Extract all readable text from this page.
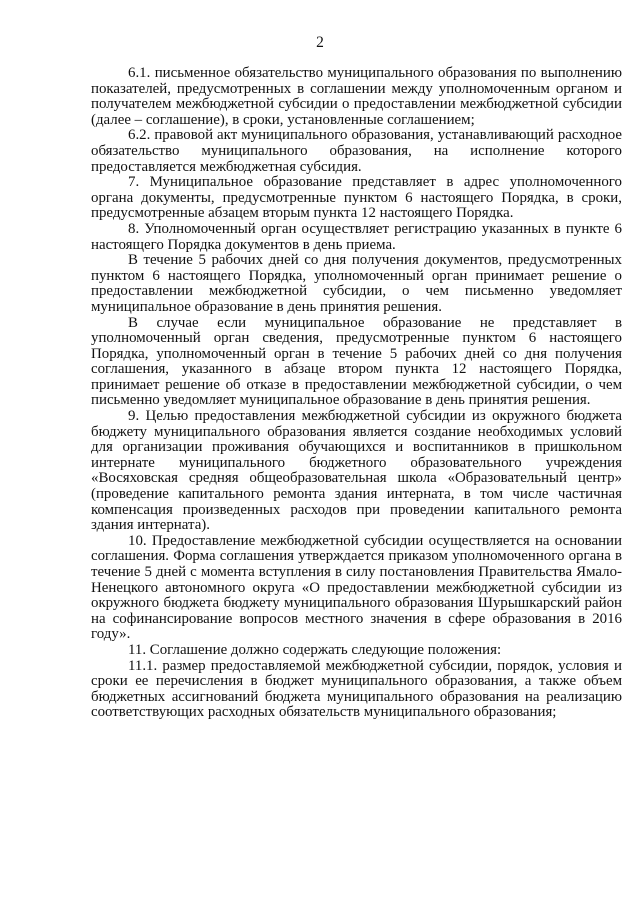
2

6.1. письменное обязательство муниципального образования по выполнению показателей, предусмотренных в соглашении между уполномоченным органом и получателем межбюджетной субсидии о предоставлении межбюджетной субсидии (далее – соглашение), в сроки, установленные соглашением;

6.2. правовой акт муниципального образования, устанавливающий расходное обязательство муниципального образования, на исполнение которого предоставляется межбюджетная субсидия.

7. Муниципальное образование представляет в адрес уполномоченного органа документы, предусмотренные пунктом 6 настоящего Порядка, в сроки, предусмотренные абзацем вторым пункта 12 настоящего Порядка.

8. Уполномоченный орган осуществляет регистрацию указанных в пункте 6 настоящего Порядка документов в день приема.

В течение 5 рабочих дней со дня получения документов, предусмотренных пунктом 6 настоящего Порядка, уполномоченный орган принимает решение о предоставлении межбюджетной субсидии, о чем письменно уведомляет муниципальное образование в день принятия решения.

В случае если муниципальное образование не представляет в уполномоченный орган сведения, предусмотренные пунктом 6 настоящего Порядка, уполномоченный орган в течение 5 рабочих дней со дня получения соглашения, указанного в абзаце втором пункта 12 настоящего Порядка, принимает решение об отказе в предоставлении межбюджетной субсидии, о чем письменно уведомляет муниципальное образование в день принятия решения.

9. Целью предоставления межбюджетной субсидии из окружного бюджета бюджету муниципального образования является создание необходимых условий для организации проживания обучающихся и воспитанников в пришкольном интернате муниципального бюджетного образовательного учреждения «Восяховская средняя общеобразовательная школа «Образовательный центр» (проведение капитального ремонта здания интерната, в том числе частичная компенсация произведенных расходов при проведении капитального ремонта здания интерната).

10. Предоставление межбюджетной субсидии осуществляется на основании соглашения. Форма соглашения утверждается приказом уполномоченного органа в течение 5 дней с момента вступления в силу постановления Правительства Ямало-Ненецкого автономного округа «О предоставлении межбюджетной субсидии из окружного бюджета бюджету муниципального образования Шурышкарский район на софинансирование вопросов местного значения в сфере образования в 2016 году».

11. Соглашение должно содержать следующие положения:

11.1. размер предоставляемой межбюджетной субсидии, порядок, условия и сроки ее перечисления в бюджет муниципального образования, а также объем бюджетных ассигнований бюджета муниципального образования на реализацию соответствующих расходных обязательств муниципального образования;
